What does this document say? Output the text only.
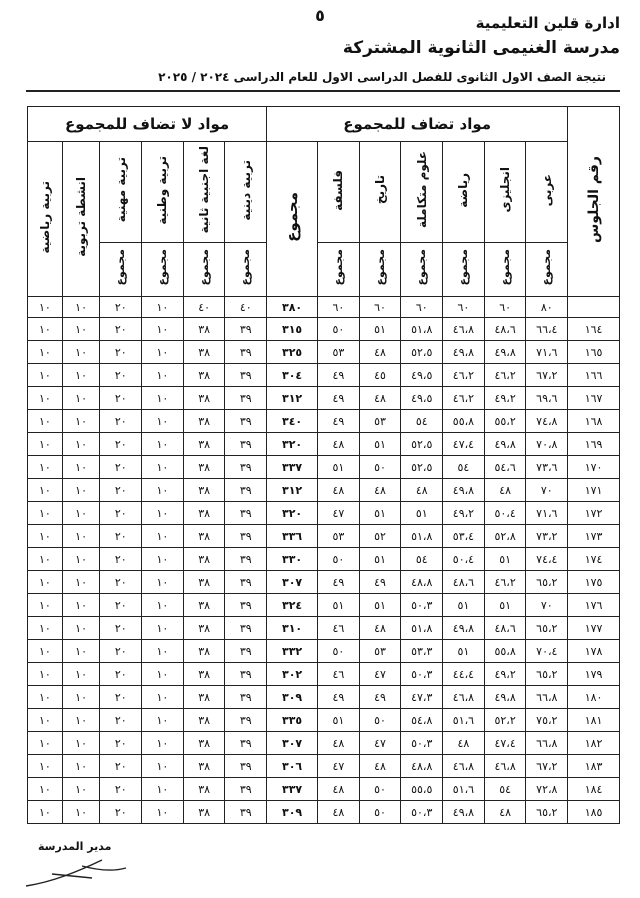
٥	ادارة قلين التعليمية
مدرسة الغنيمى الثانوية المشتركة
نتيجة الصف الاول الثانوى للفصل الدراسى الاول للعام الدراسى ٢٠٢٤ / ٢٠٢٥
رقم الجلوس	مواد تضاف للمجموع							مواد لا تضاف للمجموع					
	عربى	انجليزى	رياضة	علوم متكاملة	تاريخ	فلسفة	مجموع	تربية دينية	لغة اجنبية ثانية	تربية وطنية	تربية مهنية	انشطة تربوية	تربية رياضية
	مجموع	مجموع	مجموع	مجموع	مجموع	مجموع		مجموع	مجموع	مجموع	مجموع		
	٨٠	٦٠	٦٠	٦٠	٦٠	٦٠	٣٨٠	٤٠	٤٠	١٠	٢٠	١٠	١٠
١٦٤	٦٦،٤	٤٨،٦	٤٦،٨	٥١،٨	٥١	٥٠	٣١٥	٣٩	٣٨	١٠	٢٠	١٠	١٠
١٦٥	٧١،٦	٤٩،٨	٤٩،٨	٥٢،٥	٤٨	٥٣	٣٢٥	٣٩	٣٨	١٠	٢٠	١٠	١٠
١٦٦	٦٧،٢	٤٦،٢	٤٦،٢	٤٩،٥	٤٥	٤٩	٣٠٤	٣٩	٣٨	١٠	٢٠	١٠	١٠
١٦٧	٦٩،٦	٤٩،٢	٤٦،٢	٤٩،٥	٤٨	٤٩	٣١٢	٣٩	٣٨	١٠	٢٠	١٠	١٠
١٦٨	٧٤،٨	٥٥،٢	٥٥،٨	٥٤	٥٣	٤٩	٣٤٠	٣٩	٣٨	١٠	٢٠	١٠	١٠
١٦٩	٧٠،٨	٤٩،٨	٤٧،٤	٥٢،٥	٥١	٤٨	٣٢٠	٣٩	٣٨	١٠	٢٠	١٠	١٠
١٧٠	٧٣،٦	٥٤،٦	٥٤	٥٢،٥	٥٠	٥١	٣٣٧	٣٩	٣٨	١٠	٢٠	١٠	١٠
١٧١	٧٠	٤٨	٤٩،٨	٤٨	٤٨	٤٨	٣١٢	٣٩	٣٨	١٠	٢٠	١٠	١٠
١٧٢	٧١،٦	٥٠،٤	٤٩،٢	٥١	٥١	٤٧	٣٢٠	٣٩	٣٨	١٠	٢٠	١٠	١٠
١٧٣	٧٣،٢	٥٢،٨	٥٣،٤	٥١،٨	٥٢	٥٣	٣٣٦	٣٩	٣٨	١٠	٢٠	١٠	١٠
١٧٤	٧٤،٤	٥١	٥٠،٤	٥٤	٥١	٥٠	٣٣٠	٣٩	٣٨	١٠	٢٠	١٠	١٠
١٧٥	٦٥،٢	٤٦،٢	٤٨،٦	٤٨،٨	٤٩	٤٩	٣٠٧	٣٩	٣٨	١٠	٢٠	١٠	١٠
١٧٦	٧٠	٥١	٥١	٥٠،٣	٥١	٥١	٣٢٤	٣٩	٣٨	١٠	٢٠	١٠	١٠
١٧٧	٦٥،٢	٤٨،٦	٤٩،٨	٥١،٨	٤٨	٤٦	٣١٠	٣٩	٣٨	١٠	٢٠	١٠	١٠
١٧٨	٧٠،٤	٥٥،٨	٥١	٥٣،٣	٥٣	٥٠	٣٣٢	٣٩	٣٨	١٠	٢٠	١٠	١٠
١٧٩	٦٥،٢	٤٩،٢	٤٤،٤	٥٠،٣	٤٧	٤٦	٣٠٢	٣٩	٣٨	١٠	٢٠	١٠	١٠
١٨٠	٦٦،٨	٤٩،٨	٤٦،٨	٤٧،٣	٤٩	٤٩	٣٠٩	٣٩	٣٨	١٠	٢٠	١٠	١٠
١٨١	٧٥،٢	٥٢،٢	٥١،٦	٥٤،٨	٥٠	٥١	٣٣٥	٣٩	٣٨	١٠	٢٠	١٠	١٠
١٨٢	٦٦،٨	٤٧،٤	٤٨	٥٠،٣	٤٧	٤٨	٣٠٧	٣٩	٣٨	١٠	٢٠	١٠	١٠
١٨٣	٦٧،٢	٤٦،٨	٤٦،٨	٤٨،٨	٤٨	٤٧	٣٠٦	٣٩	٣٨	١٠	٢٠	١٠	١٠
١٨٤	٧٢،٨	٥٤	٥١،٦	٥٥،٥	٥٠	٤٨	٣٣٧	٣٩	٣٨	١٠	٢٠	١٠	١٠
١٨٥	٦٥،٢	٤٨	٤٩،٨	٥٠،٣	٥٠	٤٨	٣٠٩	٣٩	٣٨	١٠	٢٠	١٠	١٠
مدير المدرسة
